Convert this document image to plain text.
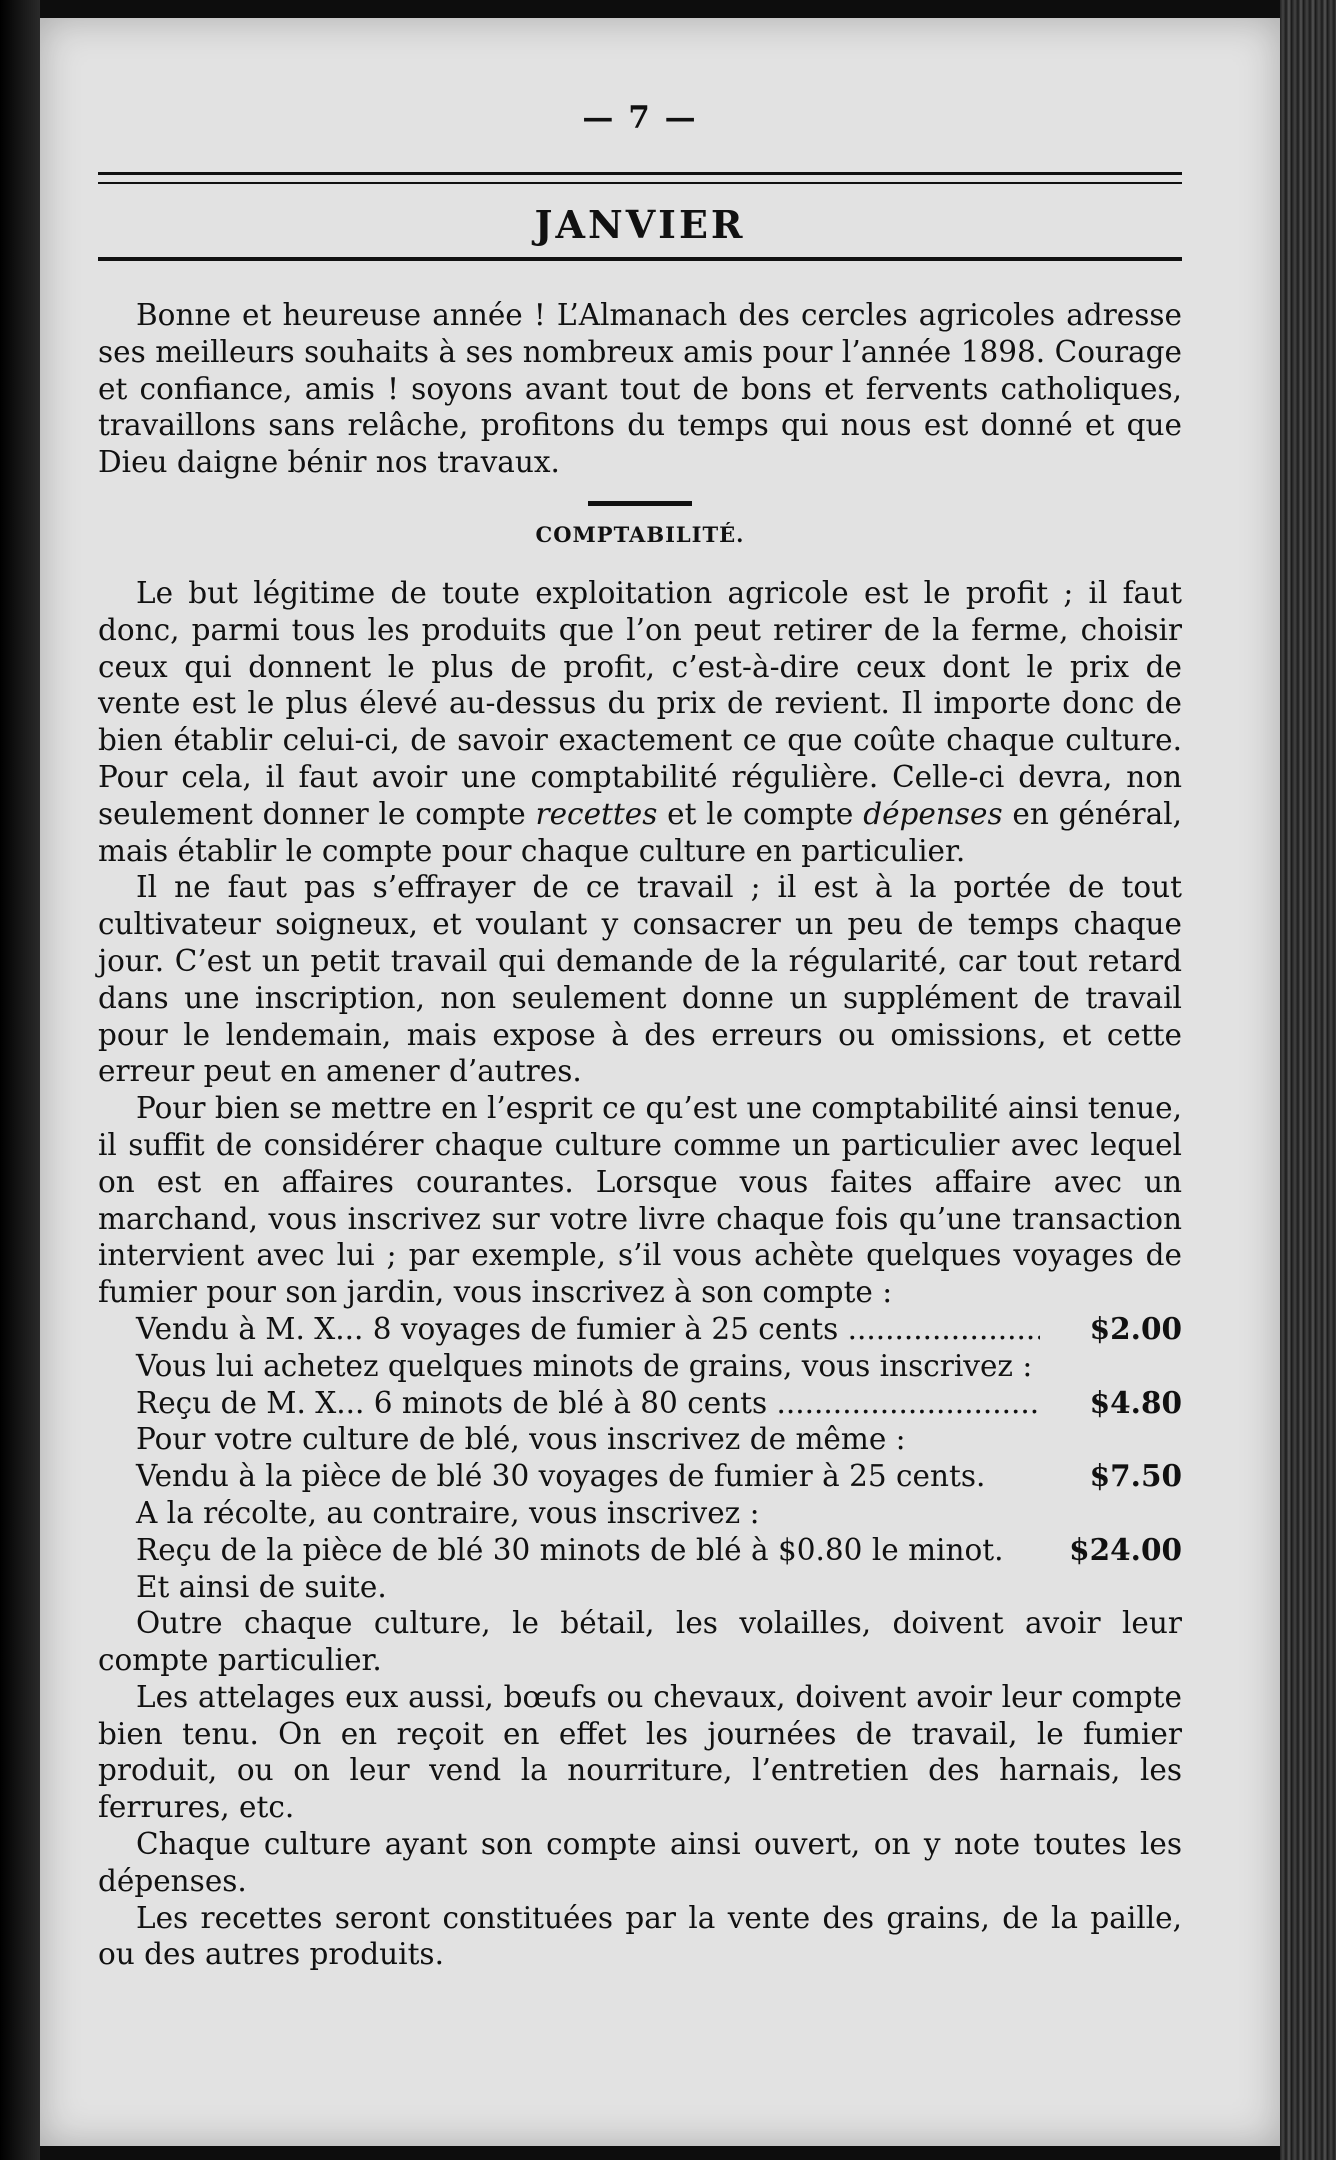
— 7 —
JANVIER

Bonne et heureuse année ! L’Almanach des cercles agricoles adresse ses meilleurs souhaits à ses nombreux amis pour l’année 1898. Courage et confiance, amis ! soyons avant tout de bons et fervents catholiques, travaillons sans relâche, profitons du temps qui nous est donné et que Dieu daigne bénir nos travaux.

COMPTABILITÉ.

Le but légitime de toute exploitation agricole est le profit ; il faut donc, parmi tous les produits que l’on peut retirer de la ferme, choisir ceux qui donnent le plus de profit, c’est-à-dire ceux dont le prix de vente est le plus élevé au-dessus du prix de revient. Il importe donc de bien établir celui-ci, de savoir exactement ce que coûte chaque culture. Pour cela, il faut avoir une comptabilité régulière. Celle-ci devra, non seulement donner le compte recettes et le compte dépenses en général, mais établir le compte pour chaque culture en particulier.

Il ne faut pas s’effrayer de ce travail ; il est à la portée de tout cultivateur soigneux, et voulant y consacrer un peu de temps chaque jour. C’est un petit travail qui demande de la régularité, car tout retard dans une inscription, non seulement donne un supplément de travail pour le lendemain, mais expose à des erreurs ou omissions, et cette erreur peut en amener d’autres.

Pour bien se mettre en l’esprit ce qu’est une comptabilité ainsi tenue, il suffit de considérer chaque culture comme un particulier avec lequel on est en affaires courantes. Lorsque vous faites affaire avec un marchand, vous inscrivez sur votre livre chaque fois qu’une transaction intervient avec lui ; par exemple, s’il vous achète quelques voyages de fumier pour son jardin, vous inscrivez à son compte :

Vendu à M. X... 8 voyages de fumier à 25 cents .....	$2.00

Vous lui achetez quelques minots de grains, vous inscrivez :

Reçu de M. X... 6 minots de blé à 80 cents .....	$4.80

Pour votre culture de blé, vous inscrivez de même :

Vendu à la pièce de blé 30 voyages de fumier à 25 cents.	$7.50

A la récolte, au contraire, vous inscrivez :

Reçu de la pièce de blé 30 minots de blé à $0.80 le minot.	$24.00

Et ainsi de suite.

Outre chaque culture, le bétail, les volailles, doivent avoir leur compte particulier.

Les attelages eux aussi, bœufs ou chevaux, doivent avoir leur compte bien tenu. On en reçoit en effet les journées de travail, le fumier produit, ou on leur vend la nourriture, l’entretien des harnais, les ferrures, etc.

Chaque culture ayant son compte ainsi ouvert, on y note toutes les dépenses.

Les recettes seront constituées par la vente des grains, de la paille, ou des autres produits.
